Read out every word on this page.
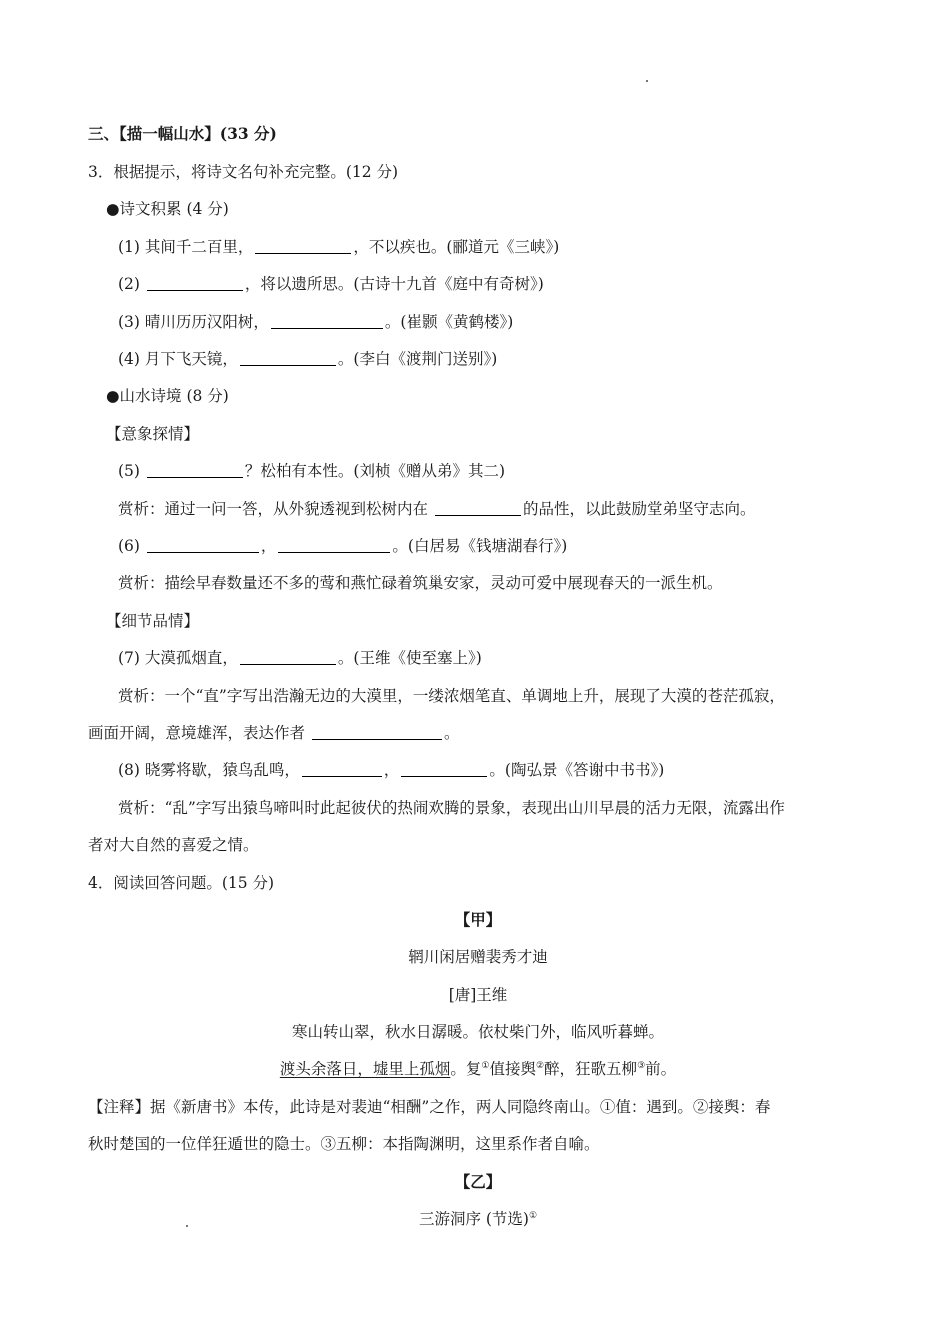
三、【描一幅山水】(33 分)
3．根据提示，将诗文名句补充完整。(12 分)
●诗文积累 (4 分)
(1) 其间千二百里，	，不以疾也。(郦道元《三峡》)
(2)	，将以遗所思。(古诗十九首《庭中有奇树》)
(3) 晴川历历汉阳树，	。(崔颢《黄鹤楼》)
(4) 月下飞天镜，	。(李白《渡荆门送别》)
●山水诗境 (8 分)
【意象探情】
(5)	？松柏有本性。(刘桢《赠从弟》其二)
赏析：通过一问一答，从外貌透视到松树内在	的品性，以此鼓励堂弟坚守志向。
(6)	，	。(白居易《钱塘湖春行》)
赏析：描绘早春数量还不多的莺和燕忙碌着筑巢安家，灵动可爱中展现春天的一派生机。
【细节品情】
(7) 大漠孤烟直，	。(王维《使至塞上》)
赏析：一个“直”字写出浩瀚无边的大漠里，一缕浓烟笔直、单调地上升，展现了大漠的苍茫孤寂，
画面开阔，意境雄浑，表达作者	。
(8) 晓雾将歇，猿鸟乱鸣，	，	。(陶弘景《答谢中书书》)
赏析：“乱”字写出猿鸟啼叫时此起彼伏的热闹欢腾的景象，表现出山川早晨的活力无限，流露出作
者对大自然的喜爱之情。
4．阅读回答问题。(15 分)
【甲】
辋川闲居赠裴秀才迪
[唐]王维
寒山转山翠，秋水日潺暖。依杖柴门外，临风听暮蝉。
渡头余落日，墟里上孤烟。复①值接舆②醉，狂歌五柳③前。
【注释】据《新唐书》本传，此诗是对裴迪“相酬”之作，两人同隐终南山。①值：遇到。②接舆：春
秋时楚国的一位佯狂遁世的隐士。③五柳：本指陶渊明，这里系作者自喻。
【乙】
三游洞序 (节选)①
